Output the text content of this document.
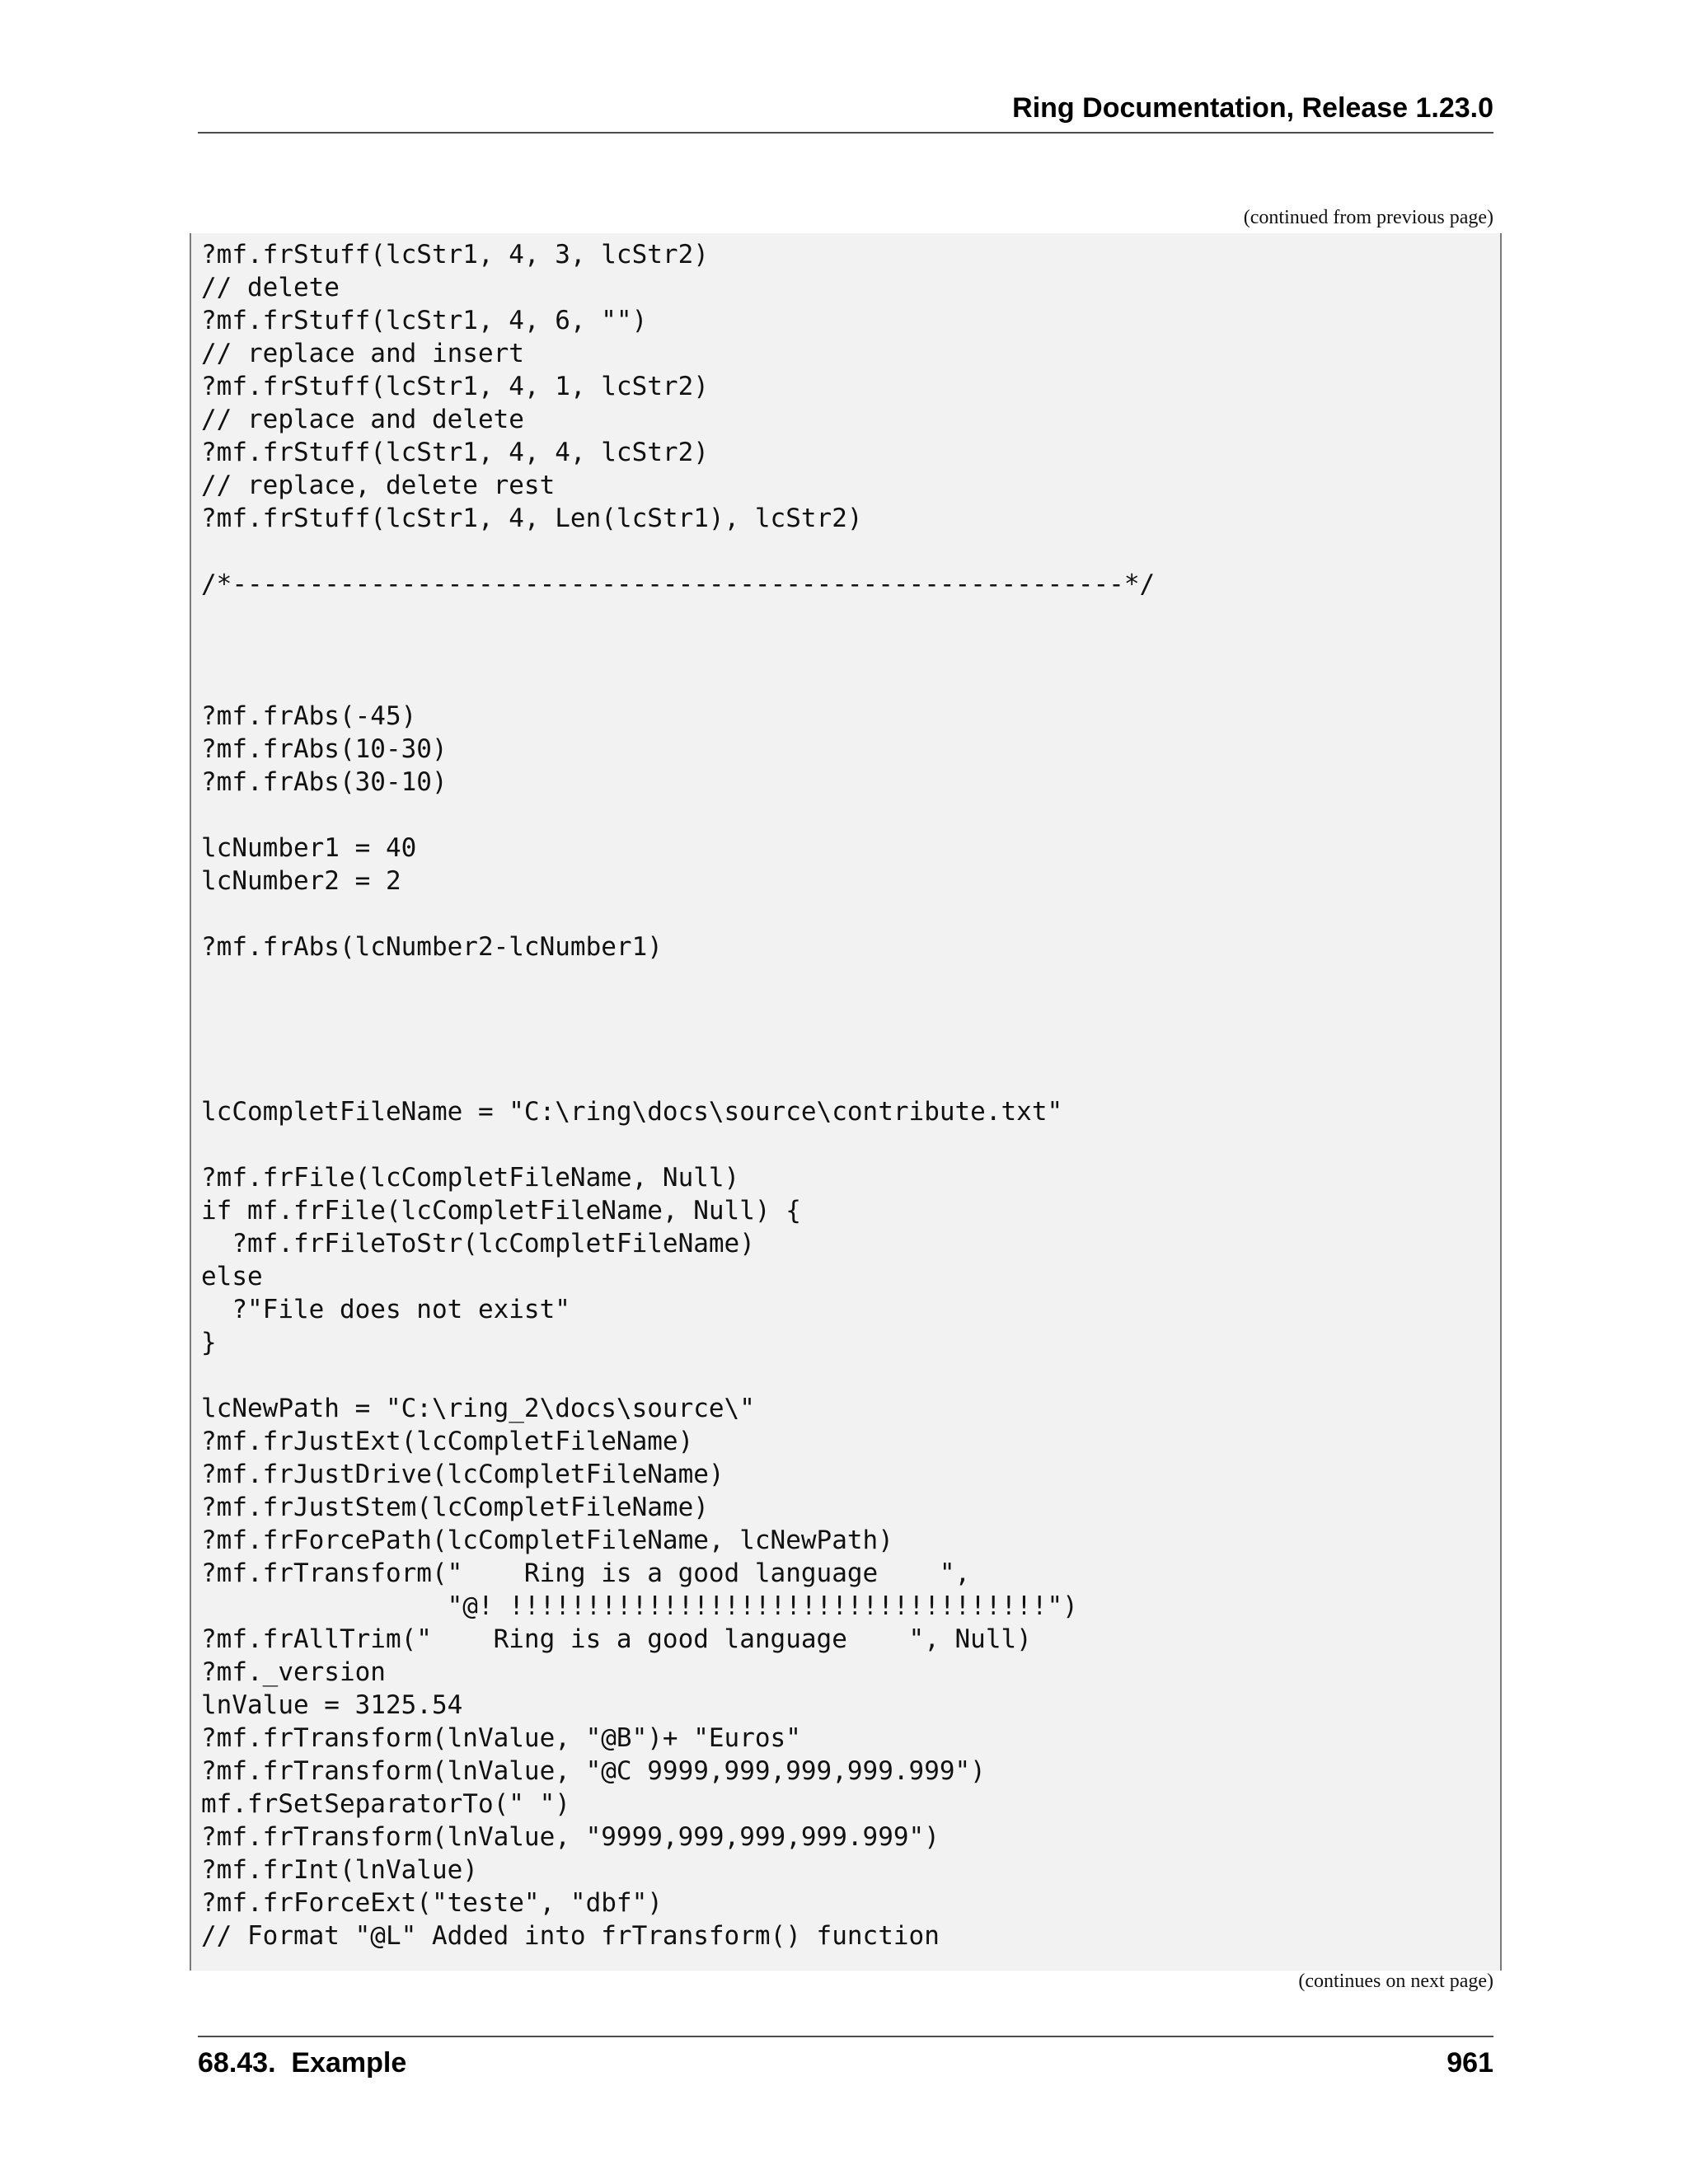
Ring Documentation, Release 1.23.0
(continued from previous page)
?mf.frStuff(lcStr1, 4, 3, lcStr2)
// delete
?mf.frStuff(lcStr1, 4, 6, "")
// replace and insert
?mf.frStuff(lcStr1, 4, 1, lcStr2)
// replace and delete
?mf.frStuff(lcStr1, 4, 4, lcStr2)
// replace, delete rest
?mf.frStuff(lcStr1, 4, Len(lcStr1), lcStr2)
/*----------------------------------------------------------*/
?mf.frAbs(-45)
?mf.frAbs(10-30)
?mf.frAbs(30-10)
lcNumber1 = 40
lcNumber2 = 2
?mf.frAbs(lcNumber2-lcNumber1)
lcCompletFileName = "C:\ring\docs\source\contribute.txt"
?mf.frFile(lcCompletFileName, Null)
if mf.frFile(lcCompletFileName, Null) {
?mf.frFileToStr(lcCompletFileName)
else
?"File does not exist"
}
lcNewPath = "C:\ring_2\docs\source\"
?mf.frJustExt(lcCompletFileName)
?mf.frJustDrive(lcCompletFileName)
?mf.frJustStem(lcCompletFileName)
?mf.frForcePath(lcCompletFileName, lcNewPath)
?mf.frTransform("    Ring is a good language    ",
"@! !!!!!!!!!!!!!!!!!!!!!!!!!!!!!!!!!!!")
?mf.frAllTrim("    Ring is a good language    ", Null)
?mf._version
lnValue = 3125.54
?mf.frTransform(lnValue, "@B")+ "Euros"
?mf.frTransform(lnValue, "@C 9999,999,999,999.999")
mf.frSetSeparatorTo(" ")
?mf.frTransform(lnValue, "9999,999,999,999.999")
?mf.frInt(lnValue)
?mf.frForceExt("teste", "dbf")
// Format "@L" Added into frTransform() function
(continues on next page)
68.43.  Example	961
